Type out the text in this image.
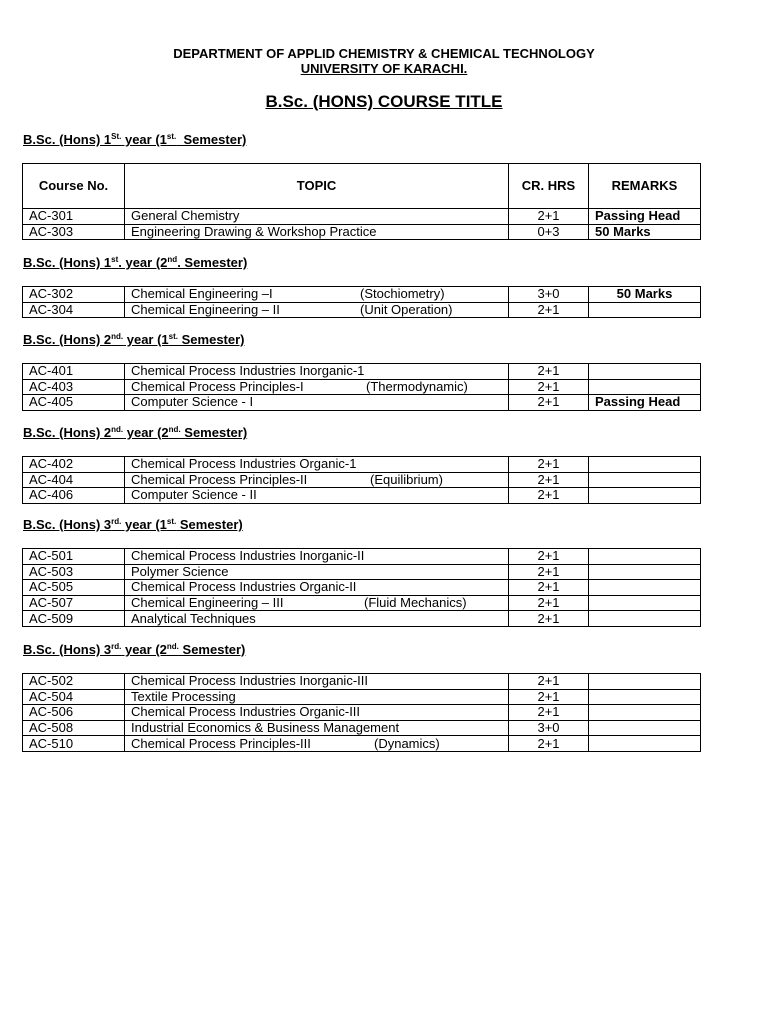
DEPARTMENT OF APPLID CHEMISTRY & CHEMICAL TECHNOLOGY
UNIVERSITY OF KARACHI.
B.Sc. (HONS) COURSE TITLE
B.Sc. (Hons) $1^{St.}$ year ($1^{st.}$  Semester)
Course No.	TOPIC	CR. HRS	REMARKS
AC-301	General Chemistry	2+1	Passing Head
AC-303	Engineering Drawing & Workshop Practice	0+3	50 Marks
B.Sc. (Hons) 1st. year (2nd. Semester)
AC-302	Chemical Engineering –I (Stochiometry)	3+0	50 Marks
AC-304	Chemical Engineering – II (Unit Operation)	2+1	
B.Sc. (Hons) $2^{nd.}$ year ($1^{st.}$ Semester)
AC-401	Chemical Process Industries Inorganic-1	2+1	
AC-403	Chemical Process Principles-I (Thermodynamic)	2+1	
AC-405	Computer Science - I	2+1	Passing Head
B.Sc. (Hons) $2^{nd.}$ year ($2^{nd.}$ Semester)
AC-402	Chemical Process Industries Organic-1	2+1	
AC-404	Chemical Process Principles-II (Equilibrium)	2+1	
AC-406	Computer Science - II	2+1	
B.Sc. (Hons) $3^{rd.}$ year ($1^{st.}$ Semester)
AC-501	Chemical Process Industries Inorganic-II	2+1	
AC-503	Polymer Science	2+1	
AC-505	Chemical Process Industries Organic-II	2+1	
AC-507	Chemical Engineering – III (Fluid Mechanics)	2+1	
AC-509	Analytical Techniques	2+1	
B.Sc. (Hons) $3^{rd.}$ year ($2^{nd.}$ Semester)
AC-502	Chemical Process Industries Inorganic-III	2+1	
AC-504	Textile Processing	2+1	
AC-506	Chemical Process Industries Organic-III	2+1	
AC-508	Industrial Economics & Business Management	3+0	
AC-510	Chemical Process Principles-III (Dynamics)	2+1	
